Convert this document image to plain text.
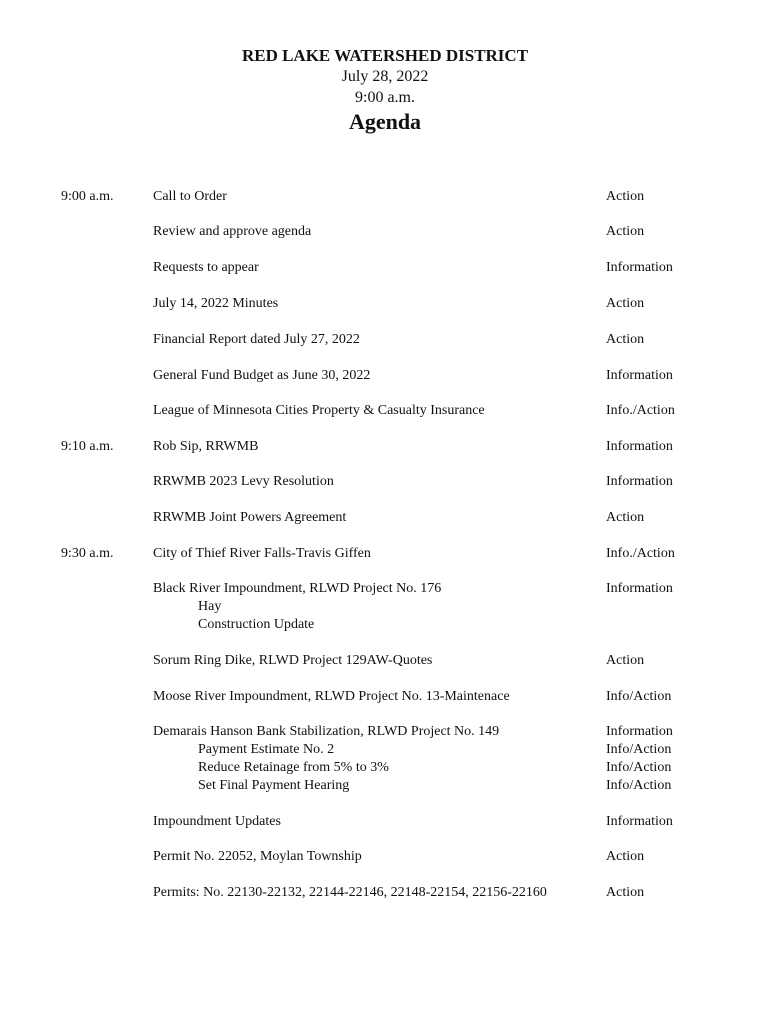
RED LAKE WATERSHED DISTRICT
July 28, 2022
9:00 a.m.
Agenda
9:00 a.m.	Call to Order	Action
Review and approve agenda	Action
Requests to appear	Information
July 14, 2022 Minutes	Action
Financial Report dated July 27, 2022	Action
General Fund Budget as June 30, 2022	Information
League of Minnesota Cities Property & Casualty Insurance	Info./Action
9:10 a.m.	Rob Sip, RRWMB	Information
RRWMB 2023 Levy Resolution	Information
RRWMB Joint Powers Agreement	Action
9:30 a.m.	City of Thief River Falls-Travis Giffen	Info./Action
Black River Impoundment, RLWD Project No. 176	Information
Hay
Construction Update
Sorum Ring Dike, RLWD Project 129AW-Quotes	Action
Moose River Impoundment, RLWD Project No. 13-Maintenace	Info/Action
Demarais Hanson Bank Stabilization, RLWD Project No. 149	Information
Payment Estimate No. 2	Info/Action
Reduce Retainage from 5% to 3%	Info/Action
Set Final Payment Hearing	Info/Action
Impoundment Updates	Information
Permit No. 22052, Moylan Township	Action
Permits: No. 22130-22132, 22144-22146, 22148-22154, 22156-22160	Action
